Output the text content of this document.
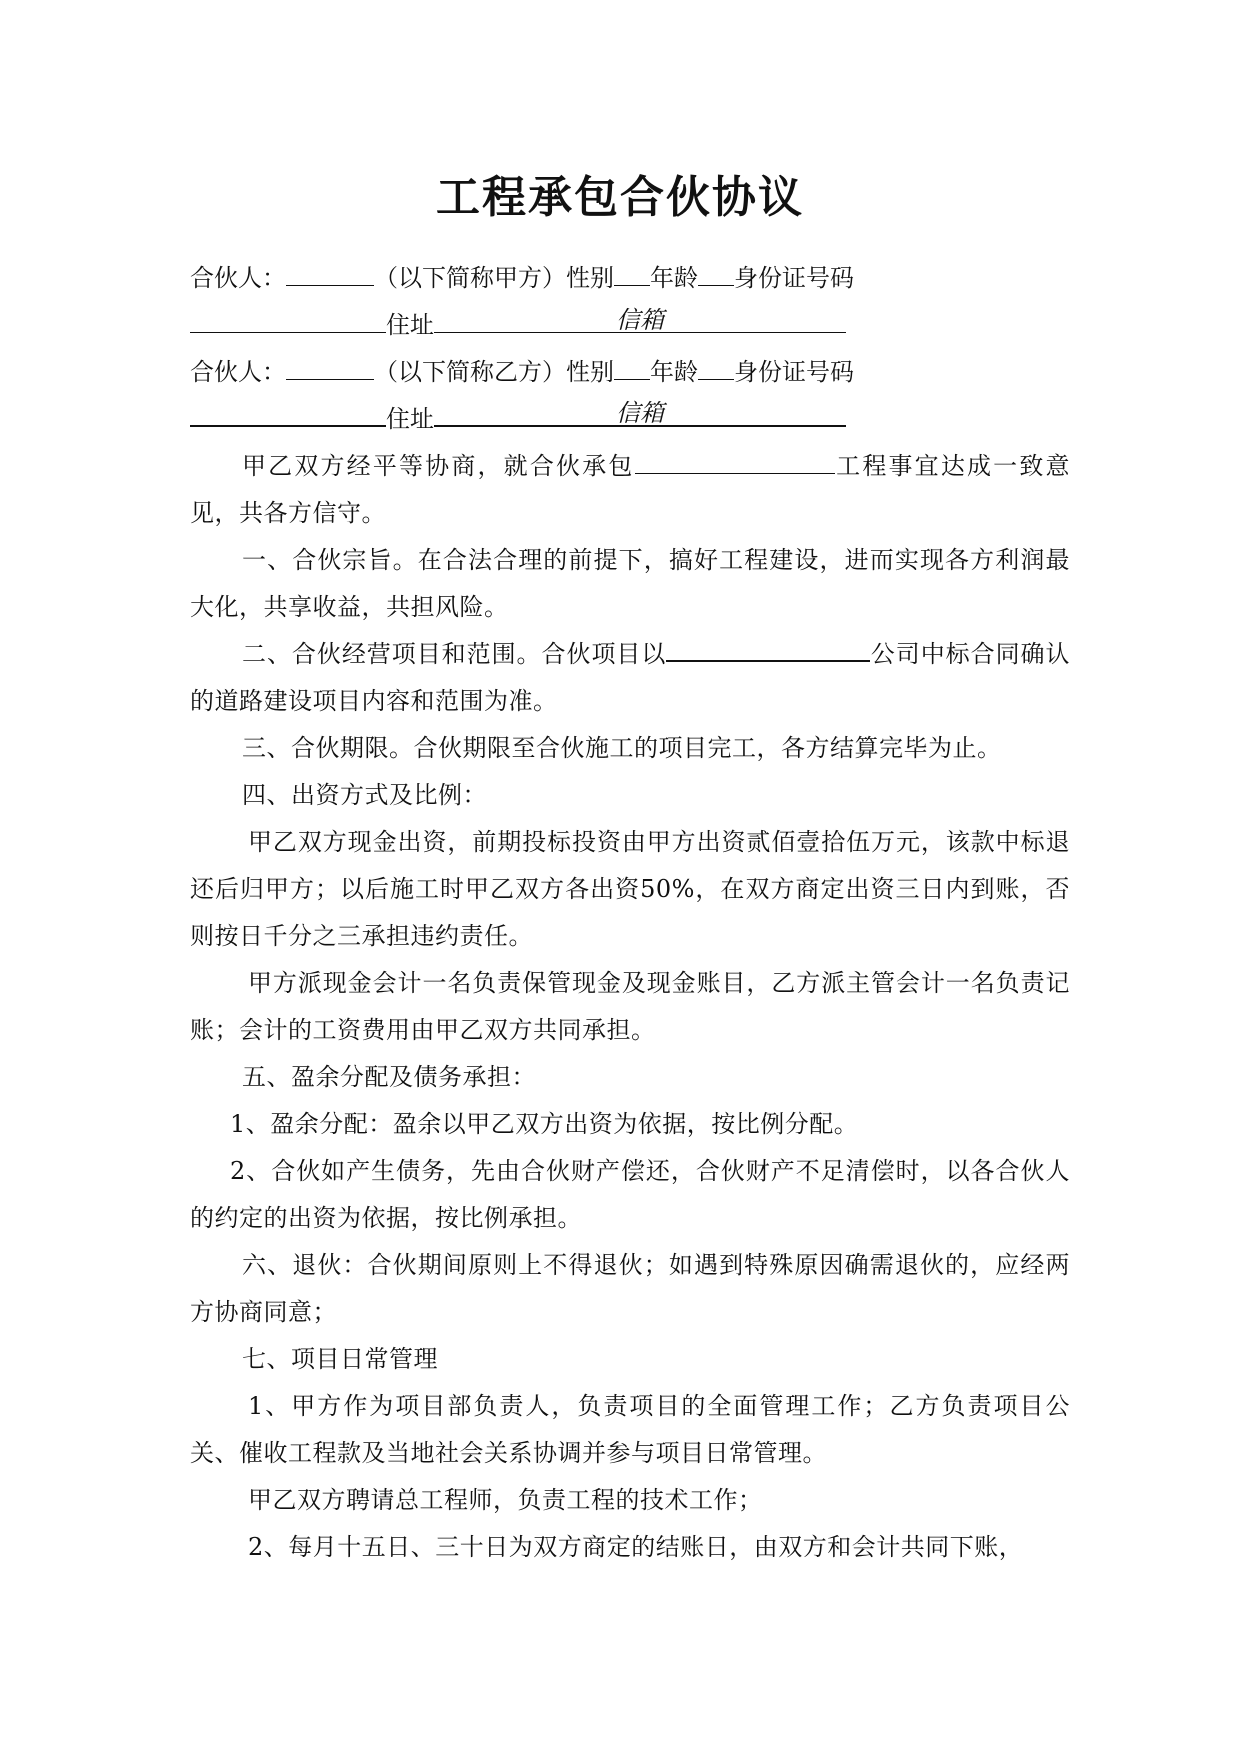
工程承包合伙协议
合伙人：	（以下简称甲方）性别 年龄 身份证号码
住址	信箱
合伙人：	（以下简称乙方）性别 年龄 身份证号码
住址	信箱

甲乙双方经平等协商，就合伙承包	工程事宜达成一致意见，共各方信守。

一、合伙宗旨。在合法合理的前提下，搞好工程建设，进而实现各方利润最大化，共享收益，共担风险。

二、合伙经营项目和范围。合伙项目以	公司中标合同确认的道路建设项目内容和范围为准。

三、合伙期限。合伙期限至合伙施工的项目完工，各方结算完毕为止。

四、出资方式及比例：

甲乙双方现金出资，前期投标投资由甲方出资贰佰壹拾伍万元，该款中标退还后归甲方；以后施工时甲乙双方各出资50%，在双方商定出资三日内到账，否则按日千分之三承担违约责任。

甲方派现金会计一名负责保管现金及现金账目，乙方派主管会计一名负责记账；会计的工资费用由甲乙双方共同承担。

五、盈余分配及债务承担：
1、盈余分配：盈余以甲乙双方出资为依据，按比例分配。

2、合伙如产生债务，先由合伙财产偿还，合伙财产不足清偿时，以各合伙人的约定的出资为依据，按比例承担。

六、退伙：合伙期间原则上不得退伙；如遇到特殊原因确需退伙的，应经两方协商同意；

七、项目日常管理

1、甲方作为项目部负责人，负责项目的全面管理工作；乙方负责项目公关、催收工程款及当地社会关系协调并参与项目日常管理。

甲乙双方聘请总工程师，负责工程的技术工作；
2、每月十五日、三十日为双方商定的结账日，由双方和会计共同下账，
